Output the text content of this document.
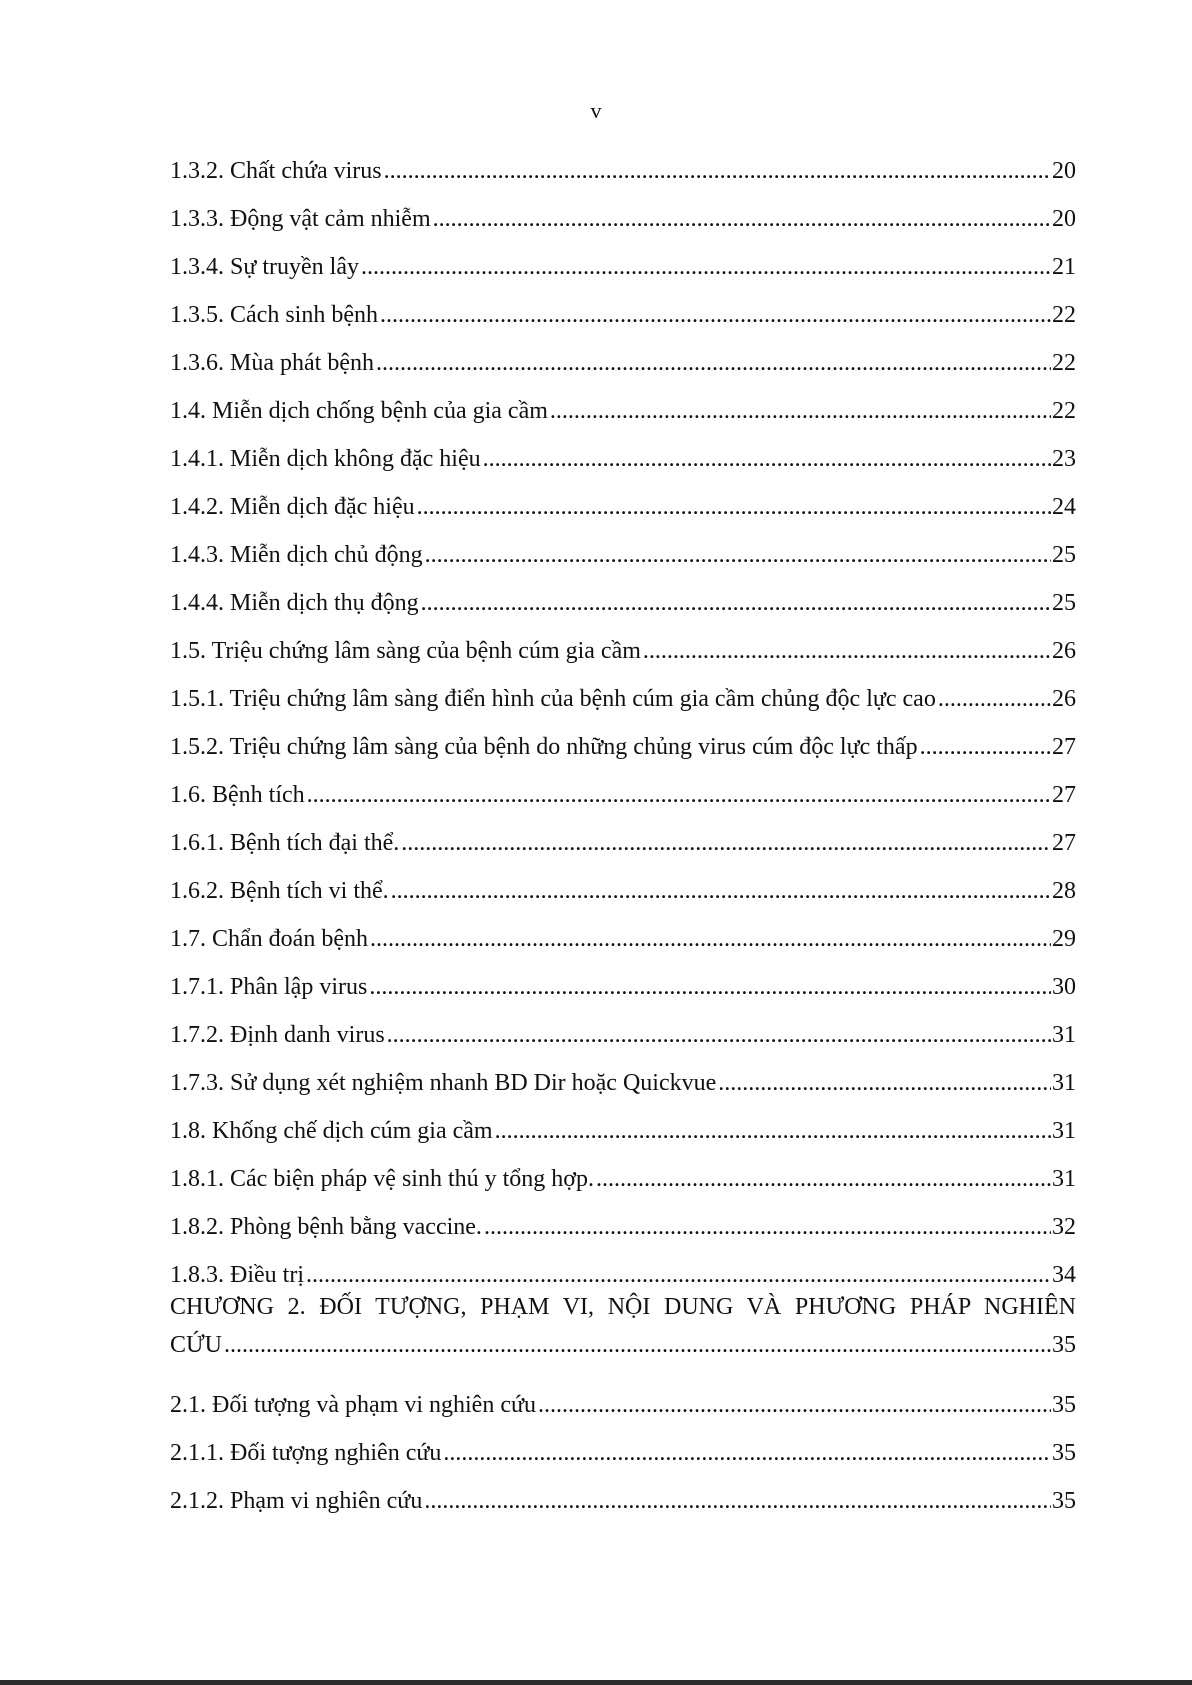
v
1.3.2. Chất chứa virus .....	20
1.3.3. Động vật cảm nhiễm .....	20
1.3.4. Sự truyền lây .....	21
1.3.5. Cách sinh bệnh .....	22
1.3.6. Mùa phát bệnh .....	22
1.4. Miễn dịch chống bệnh của gia cầm .....	22
1.4.1. Miễn dịch không đặc hiệu .....	23
1.4.2. Miễn dịch đặc hiệu .....	24
1.4.3. Miễn dịch chủ động .....	25
1.4.4. Miễn dịch thụ động .....	25
1.5. Triệu chứng lâm sàng của bệnh cúm gia cầm .....	26
1.5.1. Triệu chứng lâm sàng điển hình của bệnh cúm gia cầm chủng độc lực cao .....	26
1.5.2. Triệu chứng lâm sàng của bệnh do những chủng virus cúm độc lực thấp .....	27
1.6. Bệnh tích .....	27
1.6.1. Bệnh tích đại thể. .....	27
1.6.2. Bệnh tích vi thể. .....	28
1.7. Chẩn đoán bệnh .....	29
1.7.1. Phân lập virus .....	30
1.7.2. Định danh virus .....	31
1.7.3. Sử dụng xét nghiệm nhanh BD Dir hoặc Quickvue .....	31
1.8. Khống chế dịch cúm gia cầm .....	31
1.8.1. Các biện pháp vệ sinh thú y tổng hợp. .....	31
1.8.2. Phòng bệnh bằng vaccine. .....	32
1.8.3. Điều trị .....	34
CHƯƠNG 2. ĐỐI TƯỢNG, PHẠM VI, NỘI DUNG VÀ PHƯƠNG PHÁP NGHIÊN
CỨU .....	35
2.1. Đối tượng và phạm vi nghiên cứu .....	35
2.1.1. Đối tượng nghiên cứu .....	35
2.1.2. Phạm vi nghiên cứu .....	35
